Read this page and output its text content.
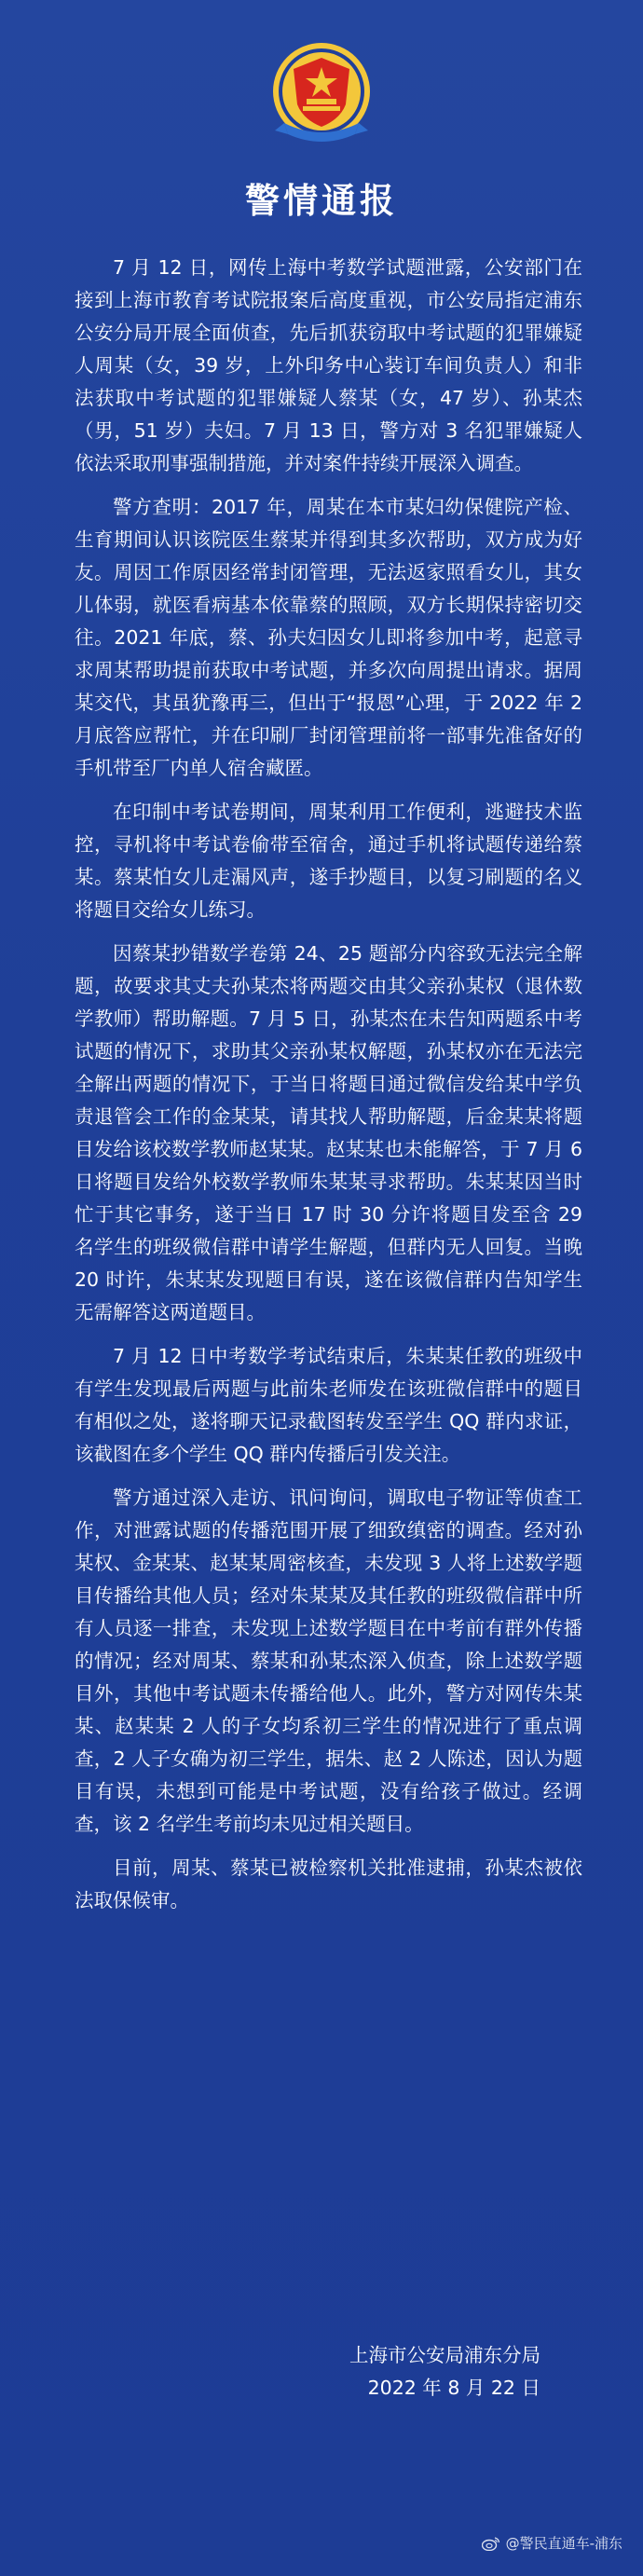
警情通报

7 月 12 日，网传上海中考数学试题泄露，公安部门在接到上海市教育考试院报案后高度重视，市公安局指定浦东公安分局开展全面侦查，先后抓获窃取中考试题的犯罪嫌疑人周某（女，39 岁，上外印务中心装订车间负责人）和非法获取中考试题的犯罪嫌疑人蔡某（女，47 岁）、孙某杰（男，51 岁）夫妇。7 月 13 日，警方对 3 名犯罪嫌疑人依法采取刑事强制措施，并对案件持续开展深入调查。

警方查明：2017 年，周某在本市某妇幼保健院产检、生育期间认识该院医生蔡某并得到其多次帮助，双方成为好友。周因工作原因经常封闭管理，无法返家照看女儿，其女儿体弱，就医看病基本依靠蔡的照顾，双方长期保持密切交往。2021 年底，蔡、孙夫妇因女儿即将参加中考，起意寻求周某帮助提前获取中考试题，并多次向周提出请求。据周某交代，其虽犹豫再三，但出于“报恩”心理，于 2022 年 2 月底答应帮忙，并在印刷厂封闭管理前将一部事先准备好的手机带至厂内单人宿舍藏匿。

在印制中考试卷期间，周某利用工作便利，逃避技术监控，寻机将中考试卷偷带至宿舍，通过手机将试题传递给蔡某。蔡某怕女儿走漏风声，遂手抄题目，以复习刷题的名义将题目交给女儿练习。

因蔡某抄错数学卷第 24、25 题部分内容致无法完全解题，故要求其丈夫孙某杰将两题交由其父亲孙某权（退休数学教师）帮助解题。7 月 5 日，孙某杰在未告知两题系中考试题的情况下，求助其父亲孙某权解题，孙某权亦在无法完全解出两题的情况下，于当日将题目通过微信发给某中学负责退管会工作的金某某，请其找人帮助解题，后金某某将题目发给该校数学教师赵某某。赵某某也未能解答，于 7 月 6 日将题目发给外校数学教师朱某某寻求帮助。朱某某因当时忙于其它事务，遂于当日 17 时 30 分许将题目发至含 29 名学生的班级微信群中请学生解题，但群内无人回复。当晚 20 时许，朱某某发现题目有误，遂在该微信群内告知学生无需解答这两道题目。

7 月 12 日中考数学考试结束后，朱某某任教的班级中有学生发现最后两题与此前朱老师发在该班微信群中的题目有相似之处，遂将聊天记录截图转发至学生 QQ 群内求证，该截图在多个学生 QQ 群内传播后引发关注。

警方通过深入走访、讯问询问，调取电子物证等侦查工作，对泄露试题的传播范围开展了细致缜密的调查。经对孙某权、金某某、赵某某周密核查，未发现 3 人将上述数学题目传播给其他人员；经对朱某某及其任教的班级微信群中所有人员逐一排查，未发现上述数学题目在中考前有群外传播的情况；经对周某、蔡某和孙某杰深入侦查，除上述数学题目外，其他中考试题未传播给他人。此外，警方对网传朱某某、赵某某 2 人的子女均系初三学生的情况进行了重点调查，2 人子女确为初三学生，据朱、赵 2 人陈述，因认为题目有误，未想到可能是中考试题，没有给孩子做过。经调查，该 2 名学生考前均未见过相关题目。

目前，周某、蔡某已被检察机关批准逮捕，孙某杰被依法取保候审。

上海市公安局浦东分局
2022 年 8 月 22 日
@警民直通车-浦东
